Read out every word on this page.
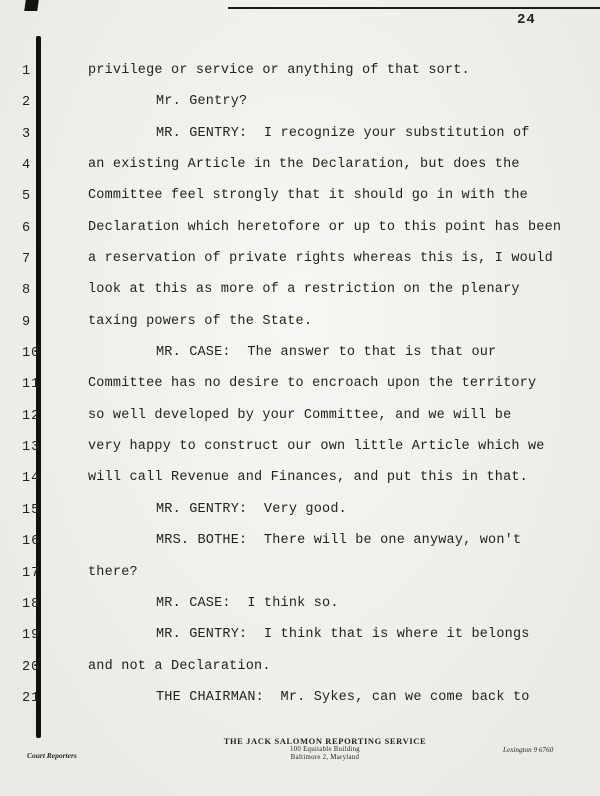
24
1	privilege or service or anything of that sort.
2	Mr. Gentry?
3	MR. GENTRY:  I recognize your substitution of
4	an existing Article in the Declaration, but does the
5	Committee feel strongly that it should go in with the
6	Declaration which heretofore or up to this point has been
7	a reservation of private rights whereas this is, I would
8	look at this as more of a restriction on the plenary
9	taxing powers of the State.
10	MR. CASE:  The answer to that is that our
11	Committee has no desire to encroach upon the territory
12	so well developed by your Committee, and we will be
13	very happy to construct our own little Article which we
14	will call Revenue and Finances, and put this in that.
15	MR. GENTRY:  Very good.
16	MRS. BOTHE:  There will be one anyway, won't
17	there?
18	MR. CASE:  I think so.
19	MR. GENTRY:  I think that is where it belongs
20	and not a Declaration.
21	THE CHAIRMAN:  Mr. Sykes, can we come back to
THE JACK SALOMON REPORTING SERVICE
100 Equitable Building
Baltimore 2, Maryland
Court Reporters
Lexington 9 6760
